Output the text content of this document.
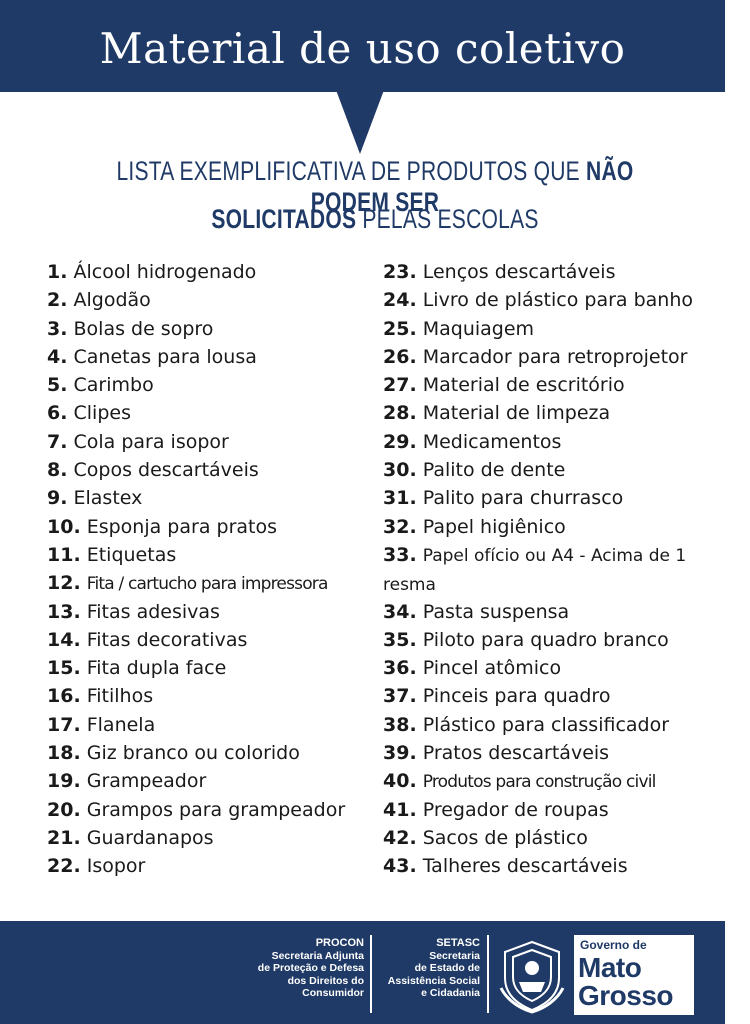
Material de uso coletivo
LISTA EXEMPLIFICATIVA DE PRODUTOS QUE NÃO PODEM SER
SOLICITADOS PELAS ESCOLAS
1. Álcool hidrogenado
2. Algodão
3. Bolas de sopro
4. Canetas para lousa
5. Carimbo
6. Clipes
7. Cola para isopor
8. Copos descartáveis
9. Elastex
10. Esponja para pratos
11. Etiquetas
12. Fita / cartucho para impressora
13. Fitas adesivas
14. Fitas decorativas
15. Fita dupla face
16. Fitilhos
17. Flanela
18. Giz branco ou colorido
19. Grampeador
20. Grampos para grampeador
21. Guardanapos
22. Isopor
23. Lenços descartáveis
24. Livro de plástico para banho
25. Maquiagem
26. Marcador para retroprojetor
27. Material de escritório
28. Material de limpeza
29. Medicamentos
30. Palito de dente
31. Palito para churrasco
32. Papel higiênico
33. Papel ofício ou A4 - Acima de 1 resma
34. Pasta suspensa
35. Piloto para quadro branco
36. Pincel atômico
37. Pinceis para quadro
38. Plástico para classificador
39. Pratos descartáveis
40. Produtos para construção civil
41. Pregador de roupas
42. Sacos de plástico
43. Talheres descartáveis
PROCON
Secretaria Adjunta
de Proteção e Defesa
dos Direitos do
Consumidor
SETASC
Secretaria
de Estado de
Assistência Social
e Cidadania
Governo de
Mato
Grosso
